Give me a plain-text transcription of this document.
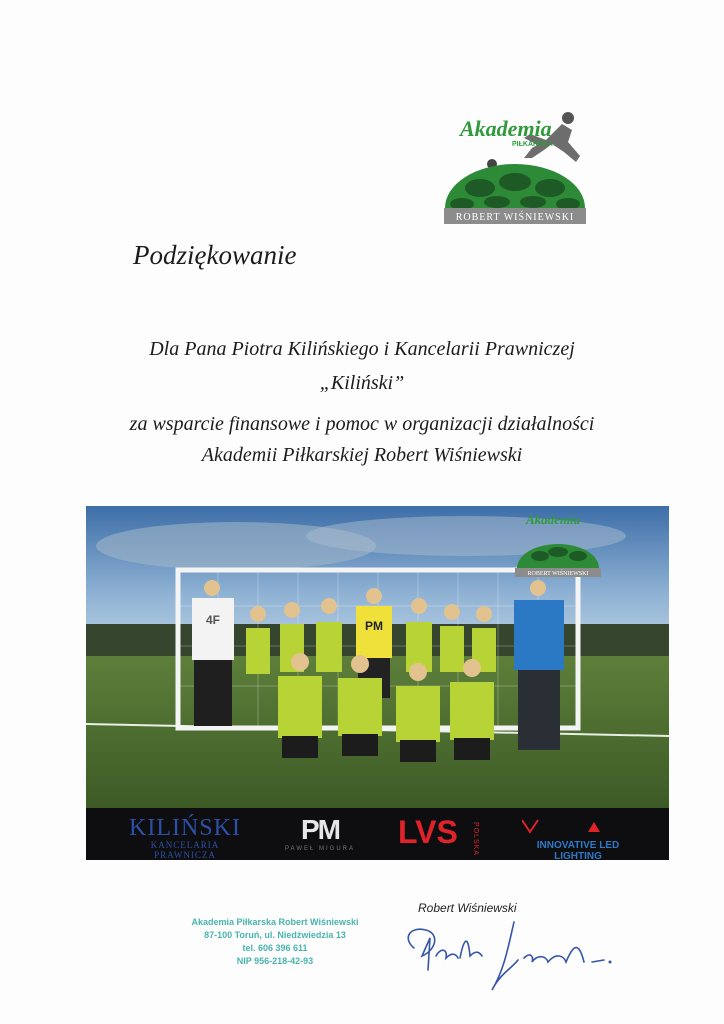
Akademia
PIŁKARSKA
ROBERT WIŚNIEWSKI
Podziękowanie
Dla Pana Piotra Kilińskiego i Kancelarii Prawniczej
„Kiliński”
za wsparcie finansowe i pomoc w organizacji działalności
Akademii Piłkarskiej Robert Wiśniewski
4F	PM
Akademia
ROBERT WIŚNIEWSKI
KILIŃSKI
KANCELARIA PRAWNICZA
PM
PAWEŁ MIGURA LVS POLSKA	INNOVATIVE LED LIGHTING
Akademia Piłkarska Robert Wiśniewski
87-100 Toruń, ul. Niedźwiedzia 13
tel. 606 396 611
NIP 956-218-42-93
Robert Wiśniewski
